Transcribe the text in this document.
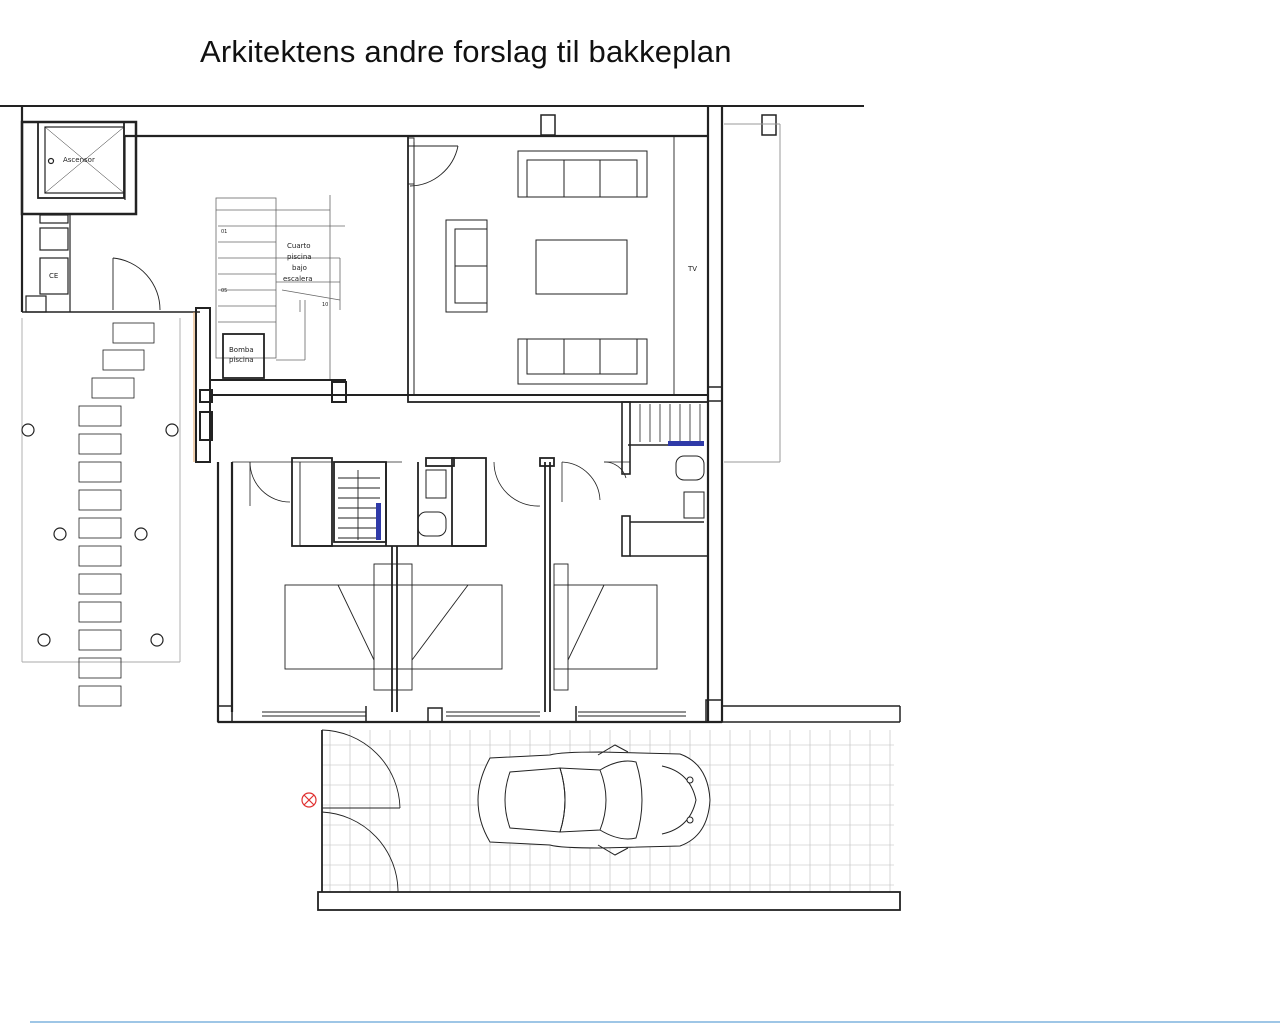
Arkitektens andre forslag til bakkeplan
Ascensor
CE
01
05
10
Cuarto
piscina
bajo
escalera
Bomba
piscina
TV
